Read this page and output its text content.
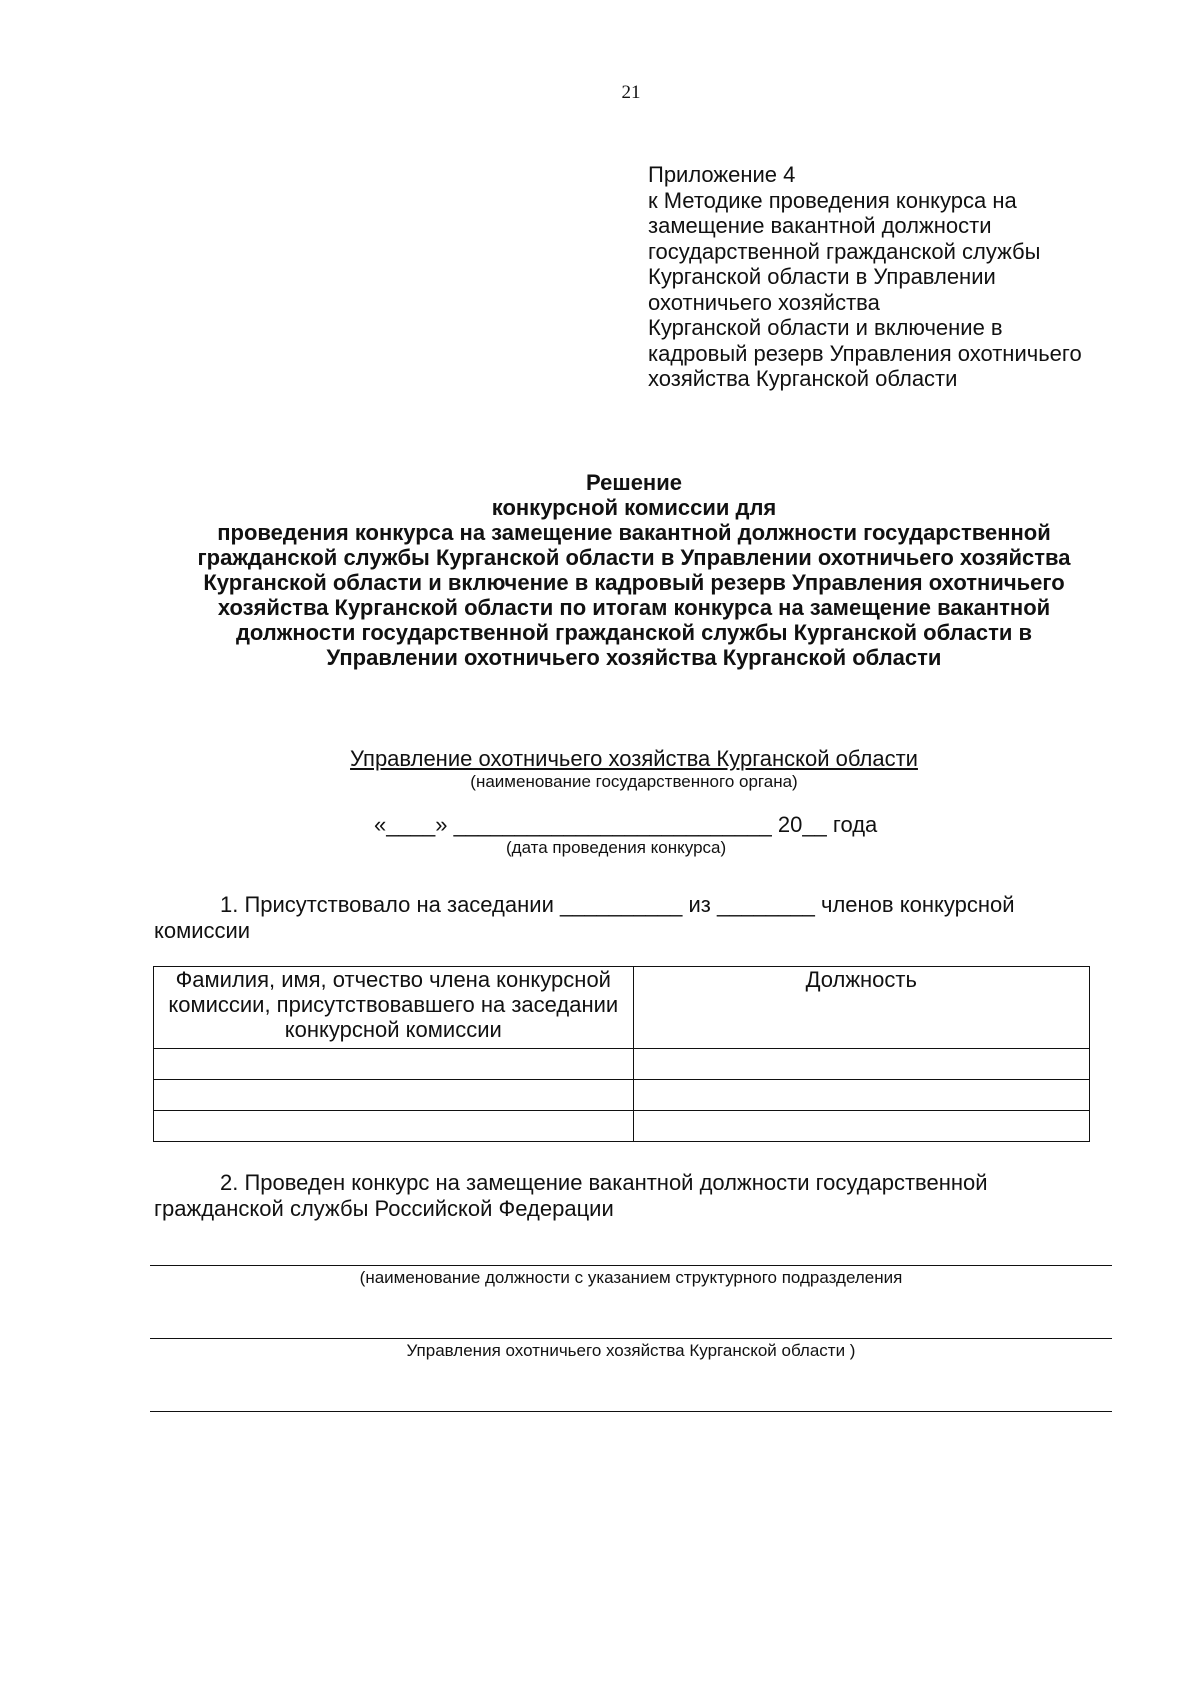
21
Приложение 4
к Методике проведения конкурса на
замещение вакантной должности
государственной гражданской службы
Курганской области в Управлении
охотничьего хозяйства
Курганской области и включение в
кадровый резерв Управления охотничьего
хозяйства Курганской области
Решение
конкурсной комиссии для
проведения конкурса на замещение вакантной должности государственной
гражданской службы Курганской области в Управлении охотничьего хозяйства
Курганской области и включение в кадровый резерв Управления охотничьего
хозяйства Курганской области по итогам конкурса на замещение вакантной
должности государственной гражданской службы Курганской области в
Управлении охотничьего хозяйства Курганской области
Управление охотничьего хозяйства Курганской области
(наименование государственного органа)
«____» __________________________ 20__ года
(дата проведения конкурса)
1. Присутствовало на заседании __________ из ________ членов конкурсной
комиссии
Фамилия, имя, отчество члена конкурсной комиссии, присутствовавшего на заседании конкурсной комиссии	Должность

2. Проведен конкурс на замещение вакантной должности государственной
гражданской службы Российской Федерации
(наименование должности с указанием структурного подразделения
Управления охотничьего хозяйства Курганской области )
